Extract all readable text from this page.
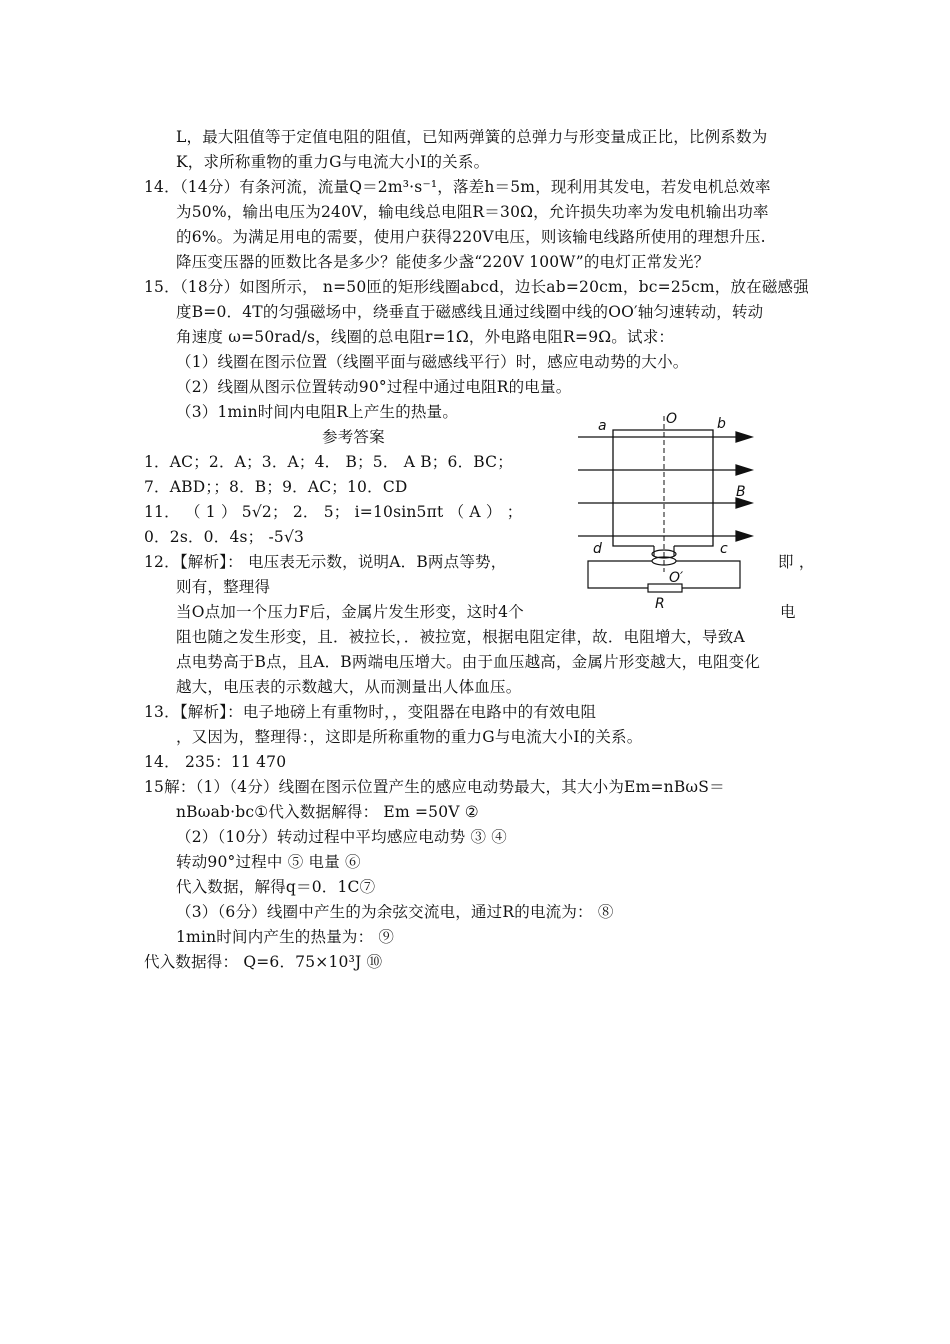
L，最大阻值等于定值电阻的阻值，已知两弹簧的总弹力与形变量成正比，比例系数为
K，求所称重物的重力G与电流大小I的关系。
14．（14分）有条河流，流量Q＝2m³·s⁻¹，落差h＝5m，现利用其发电，若发电机总效率
为50%，输出电压为240V，输电线总电阻R＝30Ω，允许损失功率为发电机输出功率
的6%。为满足用电的需要，使用户获得220V电压，则该输电线路所使用的理想升压.
降压变压器的匝数比各是多少？能使多少盏“220V 100W”的电灯正常发光？
15．（18分）如图所示， n=50匝的矩形线圈abcd，边长ab=20cm，bc=25cm，放在磁感强
度B=0．4T的匀强磁场中，绕垂直于磁感线且通过线圈中线的OO′轴匀速转动，转动
角速度 ω=50rad/s，线圈的总电阻r=1Ω，外电路电阻R=9Ω。试求：
（1）线圈在图示位置（线圈平面与磁感线平行）时，感应电动势的大小。
（2）线圈从图示位置转动90°过程中通过电阻R的电量。
（3）1min时间内电阻R上产生的热量。
参考答案
1．AC；2．A；3．A；4． B；5． A B；6．BC；
7．ABD；；8．B；9．AC；10．CD
11． （ 1 ） 5√2； 2． 5； i=10sin5πt （ A ） ；
0．2s．0．4s； -5√3
12．【解析】： 电压表无示数，说明A．B两点等势，	即 ，
则有，整理得
当O点加一个压力F后，金属片发生形变，这时4个	电
阻也随之发生形变，且．被拉长，．被拉宽，根据电阻定律，故．电阻增大，导致A
点电势高于B点，且A．B两端电压增大。由于血压越高，金属片形变越大，电阻变化
越大，电压表的示数越大，从而测量出人体血压。
13．【解析】：电子地磅上有重物时，，变阻器在电路中的有效电阻
，又因为，整理得：，这即是所称重物的重力G与电流大小I的关系。
14． 235：11 470
15解：（1）（4分）线圈在图示位置产生的感应电动势最大，其大小为Em=nBωS＝
nBωab·bc①代入数据解得： Em =50V ②
（2）（10分）转动过程中平均感应电动势 ③ ④
转动90°过程中 ⑤ 电量 ⑥
代入数据，解得q＝0．1C⑦
（3）（6分）线圈中产生的为余弦交流电，通过R的电流为： ⑧
1min时间内产生的热量为： ⑨
代入数据得： Q=6．75×10³J ⑩
a	b
O
B
d	c
O′
R
